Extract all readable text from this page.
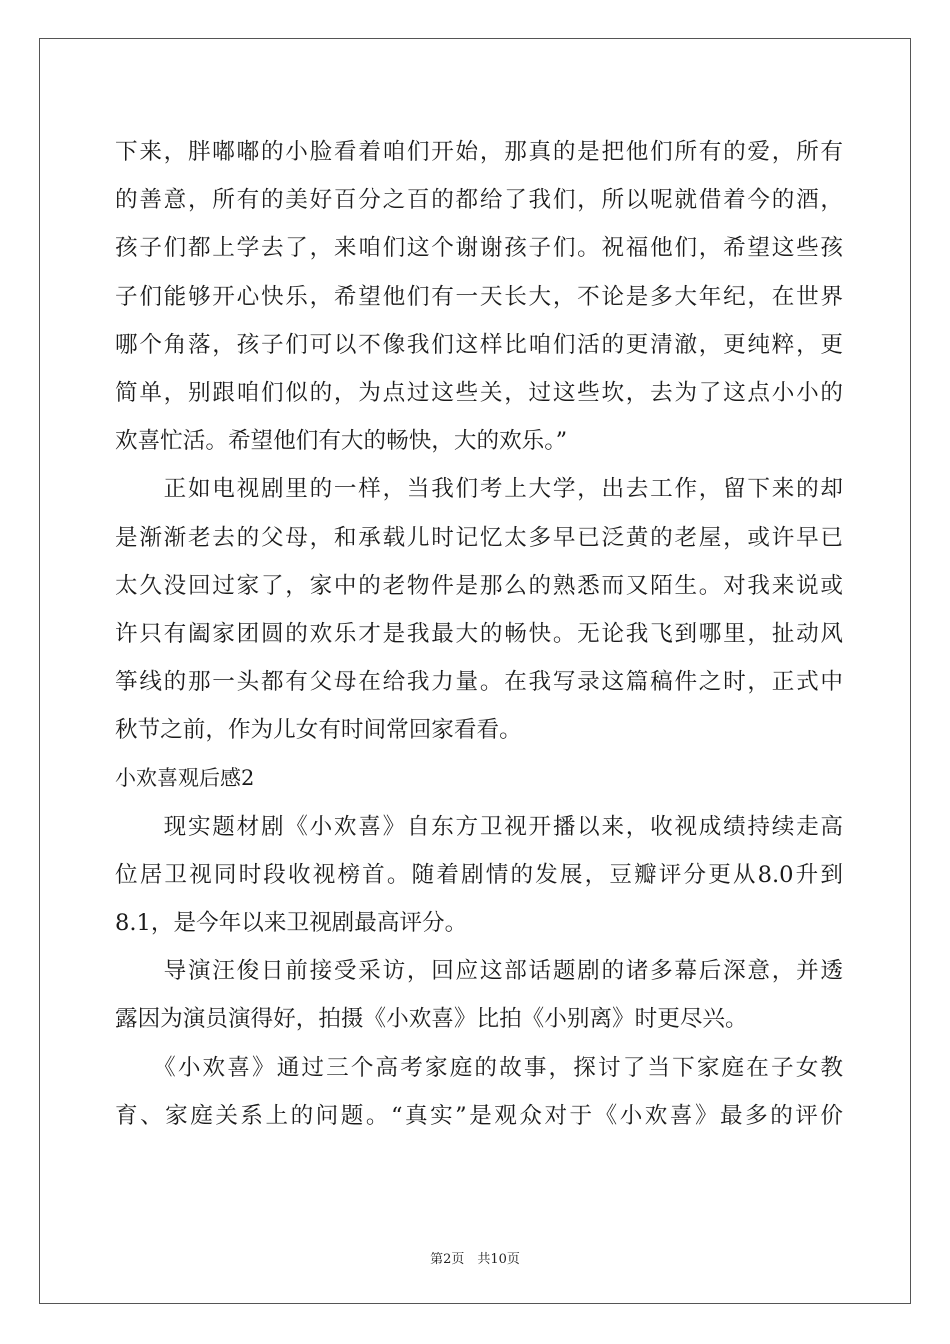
下来，胖嘟嘟的小脸看着咱们开始，那真的是把他们所有的爱，所有
的善意，所有的美好百分之百的都给了我们，所以呢就借着今的酒，
孩子们都上学去了，来咱们这个谢谢孩子们。祝福他们，希望这些孩
子们能够开心快乐，希望他们有一天长大，不论是多大年纪，在世界
哪个角落，孩子们可以不像我们这样比咱们活的更清澈，更纯粹，更
简单，别跟咱们似的，为点过这些关，过这些坎，去为了这点小小的
欢喜忙活。希望他们有大的畅快，大的欢乐。”
　　正如电视剧里的一样，当我们考上大学，出去工作，留下来的却
是渐渐老去的父母，和承载儿时记忆太多早已泛黄的老屋，或许早已
太久没回过家了，家中的老物件是那么的熟悉而又陌生。对我来说或
许只有阖家团圆的欢乐才是我最大的畅快。无论我飞到哪里，扯动风
筝线的那一头都有父母在给我力量。在我写录这篇稿件之时，正式中
秋节之前，作为儿女有时间常回家看看。
小欢喜观后感2
　　现实题材剧《小欢喜》自东方卫视开播以来，收视成绩持续走高
位居卫视同时段收视榜首。随着剧情的发展，豆瓣评分更从8.0升到
8.1，是今年以来卫视剧最高评分。
　　导演汪俊日前接受采访，回应这部话题剧的诸多幕后深意，并透
露因为演员演得好，拍摄《小欢喜》比拍《小别离》时更尽兴。
　　《小欢喜》通过三个高考家庭的故事，探讨了当下家庭在子女教
育、家庭关系上的问题。“真实”是观众对于《小欢喜》最多的评价
第2页　共10页
